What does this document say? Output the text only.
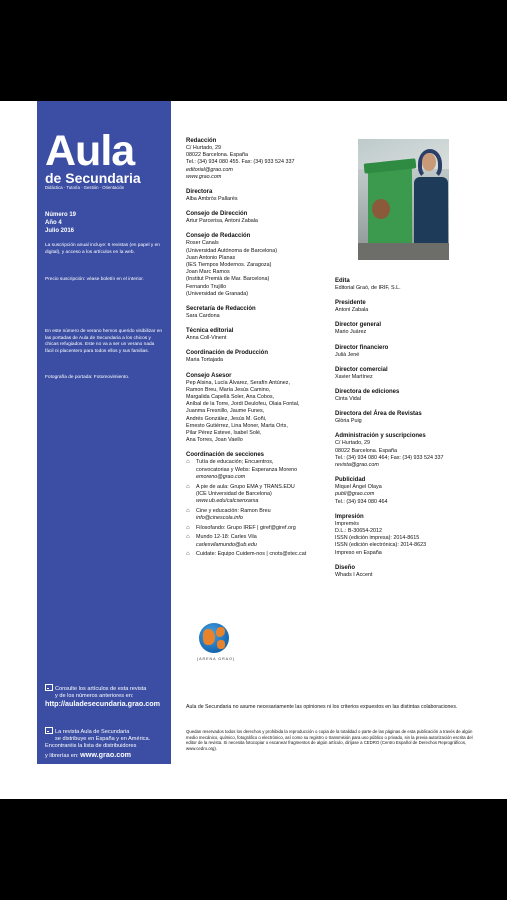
Aula
de Secundaria
Didáctica · Tutoría · Gestión · Orientación
Número 19
Año 4
Julio 2016
La suscripción anual incluye: 6 revistas (en papel y en digital), y acceso a los artículos en la web.
Precio suscripción: véase boletín en el interior.
En este número de verano hemos querido visibilizar en las portadas de Aula de Secundaria a los chicos y chicas refugiados. Este no va a ser un verano nada fácil ni placentero para todos ellos y sus familias.
Fotografía de portada: Fotomovimiento.
Consulte los artículos de esta revista
y de los números anteriores en:
http://auladesecundaria.grao.com
La revista Aula de Secundaria
se distribuye en España y en América.
Encontraréis la lista de distribuidores
y librerías en: www.grao.com
Redacción
C/ Hurtado, 29
08022 Barcelona. España
Tel.: (34) 934 080 455. Fax: (34) 933 524 337
editorial@grao.com
www.grao.com
Directora
Alba Ambròs Pallarès
Consejo de Dirección
Artur Parcerisa, Antoni Zabala
Consejo de Redacción
Roser Canals
(Universidad Autónoma de Barcelona)
Juan Antonio Planas
(IES Tiempos Modernos. Zaragoza)
Joan Marc Ramos
(Institut Premià de Mar. Barcelona)
Fernando Trujillo
(Universidad de Granada)
Secretaría de Redacción
Sara Cardona
Técnica editorial
Anna Coll-Vinent
Coordinación de Producción
Maria Tortajada
Consejo Asesor
Pep Alsina, Lucía Álvarez, Serafín Antúnez,
Ramon Breu, María Jesús Camino,
Margalida Capellà Soler, Ana Cobos,
Aníbal de la Torre, Jordi Deulofeu, Olaia Fontal,
Juanma Fresnillo, Jaume Funes,
Andrés González, Jesús M. Goñi,
Ernesto Gutiérrez, Lina Moner, Marta Orts,
Pilar Pérez Esteve, Isabel Solé,
Ana Torres, Joan Vaello
Coordinación de secciones
⌂ Tutía de educación; Encuentros,
convocatorias y Webs: Esperanza Moreno
emoreno@grao.com
⌂ A pie de aula: Grupo EMA y TRANS.EDU
(ICE Universidad de Barcelona)
www.ub.edu/calcsenxarxa
⌂ Cine y educación: Ramon Breu
info@cinescola.info
⌂ Filosofando: Grupo IREF | giref@giref.org
⌂ Mundo 12-18: Carles Vila
carlesvilamundo@ub.edu
⌂ Cuidate: Equipo Cuidem-nos | cnots@xtec.cat
Edita
Editorial Graó, de IRIF, S.L.
Presidente
Antoni Zabala
Director general
Mario Juárez
Director financiero
Julià Jené
Director comercial
Xavier Martínez
Directora de ediciones
Cinta Vidal
Directora del Área de Revistas
Glòria Puig
Administración y suscripciones
C/ Hurtado, 29
08022 Barcelona. España
Tel.: (34) 934 080 464; Fax: (34) 933 524 337
revista@grao.com
Publicidad
Miquel Àngel Olaya
publi@grao.com
Tel.: (34) 934 080 464
Impresión
Impremès
D.L.: B-30654-2012
ISSN (edición impresa): 2014-8615
ISSN (edición electrónica): 2014-8623
Impreso en España
Diseño
Whads I Accent
[ARENA GRAO]
Aula de Secundaria no asume necesariamente las opiniones ni los criterios expuestos en las distintas colaboraciones.
Quedan reservados todos los derechos y prohibida la reproducción o copia de la totalidad o parte de las páginas de esta publicación a través de algún medio mecánico, químico, fotográfico o electrónico, así como su registro o transmisión para uso público o privado, sin la previa autorización escrita del editor de la revista. Si necesita fotocopiar o escanear fragmentos de algún artículo, diríjase a CEDRO (Centro Español de Derechos Reprográficos, www.cedro.org).
